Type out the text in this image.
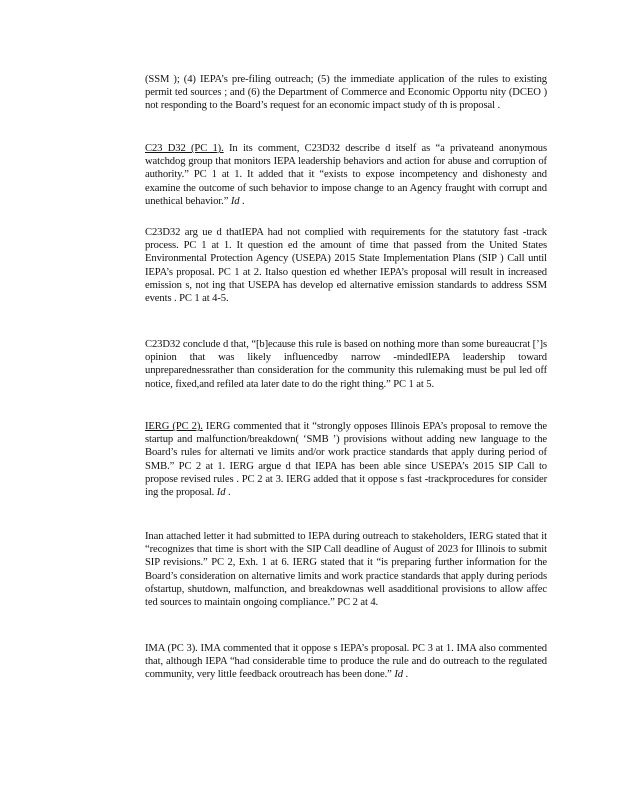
(SSM ); (4) IEPA’s pre-filing outreach; (5) the immediate application of the rules to existing permit ted sources ; and (6) the Department of Commerce and Economic Opportu nity (DCEO ) not responding to the Board’s request for an economic impact study of th is proposal .

C23 D32 (PC 1). In its comment, C23D32 describe d itself as “a privateand anonymous watchdog group that monitors IEPA leadership behaviors and action for abuse and corruption of authority.” PC 1 at 1. It added that it “exists to expose incompetency and dishonesty and examine the outcome of such behavior to impose change to an Agency fraught with corrupt and unethical behavior.” Id .

C23D32 arg ue d thatIEPA had not complied with requirements for the statutory fast -track process. PC 1 at 1. It question ed the amount of time that passed from the United States Environmental Protection Agency (USEPA) 2015 State Implementation Plans (SIP ) Call until IEPA’s proposal. PC 1 at 2. Italso question ed whether IEPA’s proposal will result in increased emission s, not ing that USEPA has develop ed alternative emission standards to address SSM events . PC 1 at 4-5.

C23D32 conclude d that, “[b]ecause this rule is based on nothing more than some bureaucrat [’]s opinion that was likely influencedby narrow -mindedIEPA leadership toward unpreparednessrather than consideration for the community this rulemaking must be pul led off notice, fixed,and refiled ata later date to do the right thing.” PC 1 at 5.

IERG (PC 2). IERG commented that it “strongly opposes Illinois EPA’s proposal to remove the startup and malfunction/breakdown( ‘SMB ’) provisions without adding new language to the Board’s rules for alternati ve limits and/or work practice standards that apply during period of SMB.” PC 2 at 1. IERG argue d that IEPA has been able since USEPA’s 2015 SIP Call to propose revised rules . PC 2 at 3. IERG added that it oppose s fast -trackprocedures for consider ing the proposal. Id .

Inan attached letter it had submitted to IEPA during outreach to stakeholders, IERG stated that it “recognizes that time is short with the SIP Call deadline of August of 2023 for Illinois to submit SIP revisions.” PC 2, Exh. 1 at 6. IERG stated that it “is preparing further information for the Board’s consideration on alternative limits and work practice standards that apply during periods ofstartup, shutdown, malfunction, and breakdownas well asadditional provisions to allow affec ted sources to maintain ongoing compliance.” PC 2 at 4.

IMA (PC 3). IMA commented that it oppose s IEPA’s proposal. PC 3 at 1. IMA also commented that, although IEPA “had considerable time to produce the rule and do outreach to the regulated community, very little feedback oroutreach has been done.” Id .
